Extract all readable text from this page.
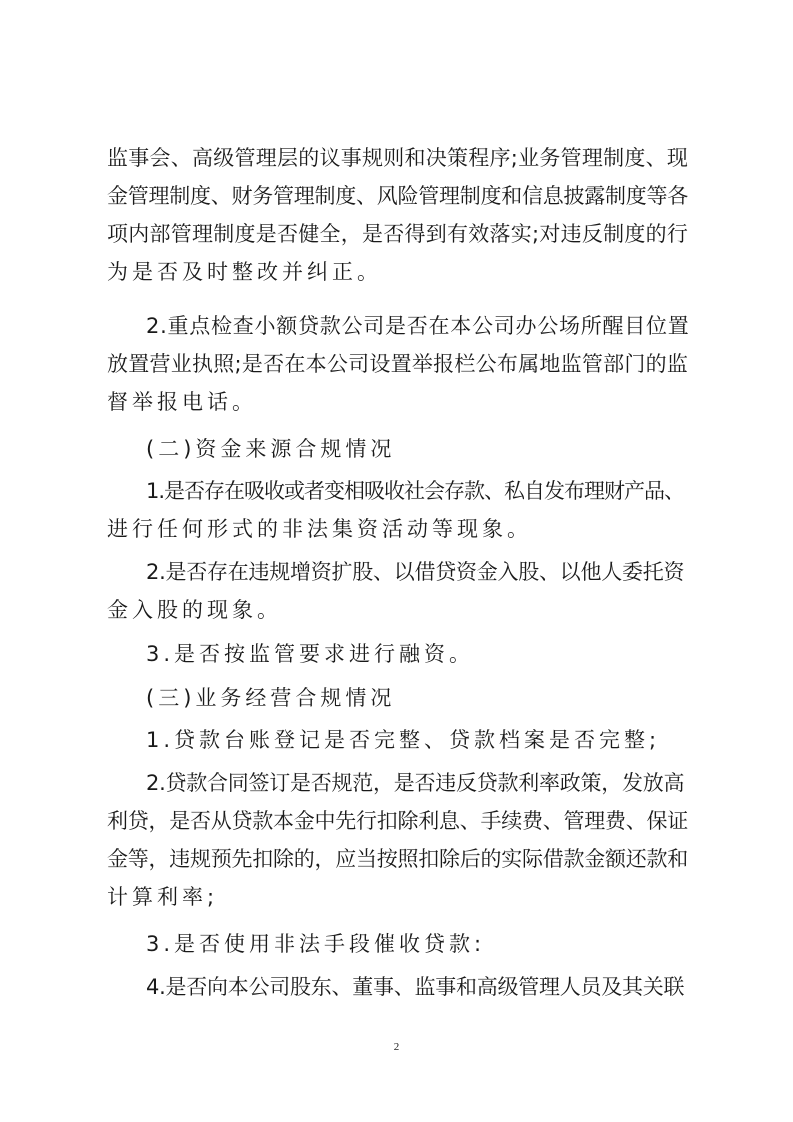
监事会、高级管理层的议事规则和决策程序;业务管理制度、现
金管理制度、财务管理制度、风险管理制度和信息披露制度等各
项内部管理制度是否健全，是否得到有效落实;对违反制度的行
为是否及时整改并纠正。
2.重点检查小额贷款公司是否在本公司办公场所醒目位置
放置营业执照;是否在本公司设置举报栏公布属地监管部门的监
督举报电话。
(二)资金来源合规情况
1.是否存在吸收或者变相吸收社会存款、私自发布理财产品、
进行任何形式的非法集资活动等现象。
2.是否存在违规增资扩股、以借贷资金入股、以他人委托资
金入股的现象。
3.是否按监管要求进行融资。
(三)业务经营合规情况
1.贷款台账登记是否完整、贷款档案是否完整;
2.贷款合同签订是否规范，是否违反贷款利率政策，发放高
利贷，是否从贷款本金中先行扣除利息、手续费、管理费、保证
金等，违规预先扣除的，应当按照扣除后的实际借款金额还款和
计算利率;
3.是否使用非法手段催收贷款:
4.是否向本公司股东、董事、监事和高级管理人员及其关联
2
